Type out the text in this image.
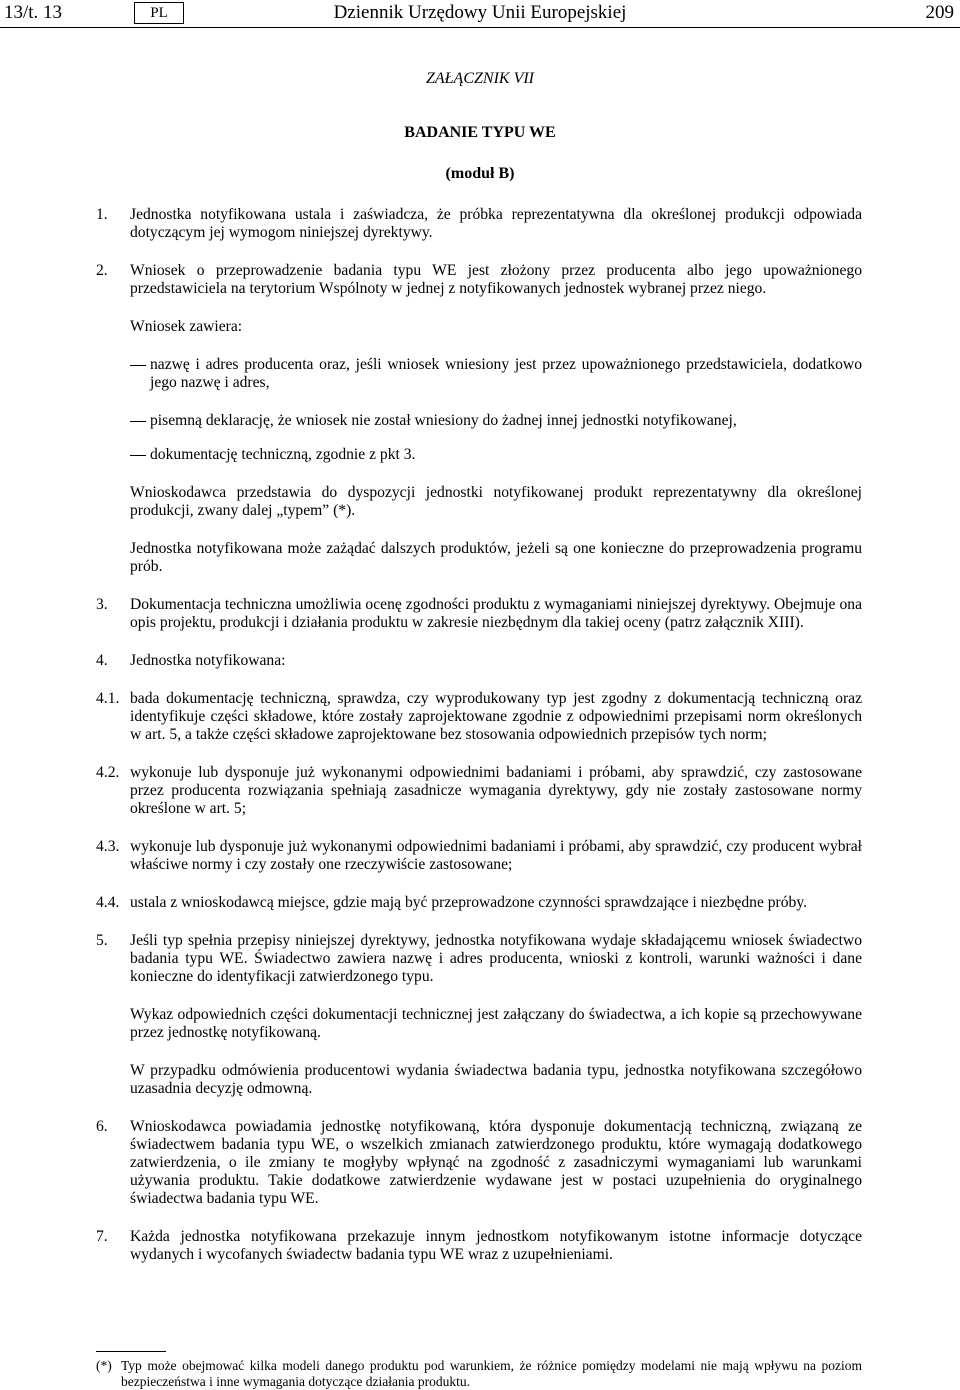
13/t. 13	PL	Dziennik Urzędowy Unii Europejskiej	209
ZAŁĄCZNIK VII
BADANIE TYPU WE
(moduł B)
1.	Jednostka notyfikowana ustala i zaświadcza, że próbka reprezentatywna dla określonej produkcji odpowiada dotyczącym jej wymogom niniejszej dyrektywy.
2.	Wniosek o przeprowadzenie badania typu WE jest złożony przez producenta albo jego upoważnionego przedstawiciela na terytorium Wspólnoty w jednej z notyfikowanych jednostek wybranej przez niego.

Wniosek zawiera:

nazwę i adres producenta oraz, jeśli wniosek wniesiony jest przez upoważnionego przedstawiciela, dodatkowo jego nazwę i adres,
pisemną deklarację, że wniosek nie został wniesiony do żadnej innej jednostki notyfikowanej,
dokumentację techniczną, zgodnie z pkt 3.

Wnioskodawca przedstawia do dyspozycji jednostki notyfikowanej produkt reprezentatywny dla określonej produkcji, zwany dalej „typem” (*).

Jednostka notyfikowana może zażądać dalszych produktów, jeżeli są one konieczne do przeprowadzenia programu prób.

3.	Dokumentacja techniczna umożliwia ocenę zgodności produktu z wymaganiami niniejszej dyrektywy. Obejmuje ona opis projektu, produkcji i działania produktu w zakresie niezbędnym dla takiej oceny (patrz załącznik XIII).
4.	Jednostka notyfikowana:
4.1. bada dokumentację techniczną, sprawdza, czy wyprodukowany typ jest zgodny z dokumentacją techniczną oraz identyfikuje części składowe, które zostały zaprojektowane zgodnie z odpowiednimi przepisami norm określonych w art. 5, a także części składowe zaprojektowane bez stosowania odpowiednich przepisów tych norm;
4.2. wykonuje lub dysponuje już wykonanymi odpowiednimi badaniami i próbami, aby sprawdzić, czy zastosowane przez producenta rozwiązania spełniają zasadnicze wymagania dyrektywy, gdy nie zostały zastosowane normy określone w art. 5;
4.3. wykonuje lub dysponuje już wykonanymi odpowiednimi badaniami i próbami, aby sprawdzić, czy producent wybrał właściwe normy i czy zostały one rzeczywiście zastosowane;
4.4. ustala z wnioskodawcą miejsce, gdzie mają być przeprowadzone czynności sprawdzające i niezbędne próby.
5.	Jeśli typ spełnia przepisy niniejszej dyrektywy, jednostka notyfikowana wydaje składającemu wniosek świadectwo badania typu WE. Świadectwo zawiera nazwę i adres producenta, wnioski z kontroli, warunki ważności i dane konieczne do identyfikacji zatwierdzonego typu.

Wykaz odpowiednich części dokumentacji technicznej jest załączany do świadectwa, a ich kopie są przechowywane przez jednostkę notyfikowaną.

W przypadku odmówienia producentowi wydania świadectwa badania typu, jednostka notyfikowana szczegółowo uzasadnia decyzję odmowną.

6.	Wnioskodawca powiadamia jednostkę notyfikowaną, która dysponuje dokumentacją techniczną, związaną ze świadectwem badania typu WE, o wszelkich zmianach zatwierdzonego produktu, które wymagają dodatkowego zatwierdzenia, o ile zmiany te mogłyby wpłynąć na zgodność z zasadniczymi wymaganiami lub warunkami używania produktu. Takie dodatkowe zatwierdzenie wydawane jest w postaci uzupełnienia do oryginalnego świadectwa badania typu WE.
7.	Każda jednostka notyfikowana przekazuje innym jednostkom notyfikowanym istotne informacje dotyczące wydanych i wycofanych świadectw badania typu WE wraz z uzupełnieniami.
(*) Typ może obejmować kilka modeli danego produktu pod warunkiem, że różnice pomiędzy modelami nie mają wpływu na poziom bezpieczeństwa i inne wymagania dotyczące działania produktu.
